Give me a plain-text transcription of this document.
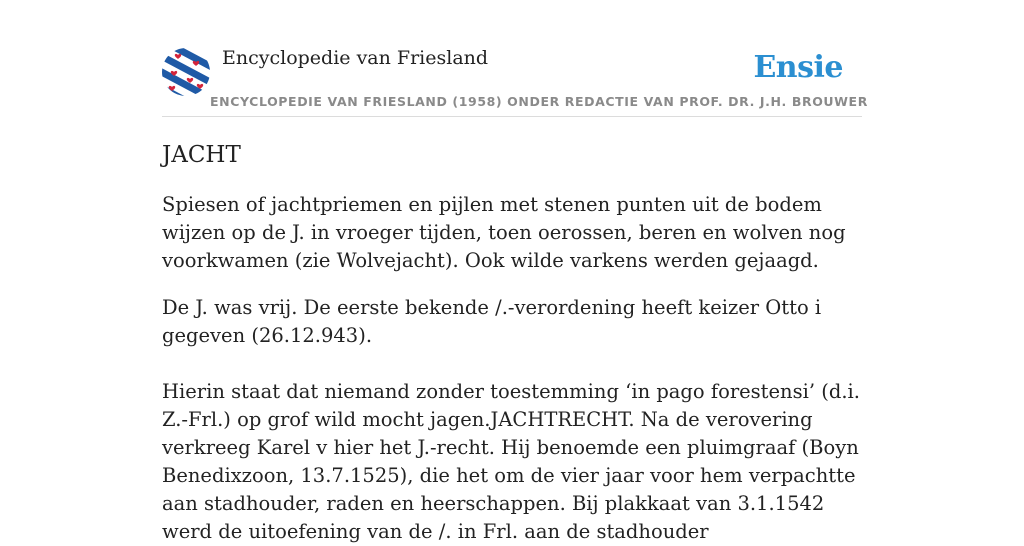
Encyclopedie van Friesland	Ensie
ENCYCLOPEDIE VAN FRIESLAND (1958) ONDER REDACTIE VAN PROF. DR. J.H. BROUWER
JACHT

Spiesen of jachtpriemen en pijlen met stenen punten uit de bodem wijzen op de J. in vroeger tijden, toen oerossen, beren en wolven nog voorkwamen (zie Wolvejacht). Ook wilde varkens werden gejaagd.

De J. was vrij. De eerste bekende /.-verordening heeft keizer Otto i gegeven (26.12.943).

Hierin staat dat niemand zonder toestemming ‘in pago forestensi’ (d.i. Z.-Frl.) op grof wild mocht jagen.JACHTRECHT. Na de verovering verkreeg Karel v hier het J.-recht. Hij benoemde een pluimgraaf (Boyn Benedixzoon, 13.7.1525), die het om de vier jaar voor hem verpachtte aan stadhouder, raden en heerschappen. Bij plakkaat van 3.1.1542 werd de uitoefening van de /. in Frl. aan de stadhouder
